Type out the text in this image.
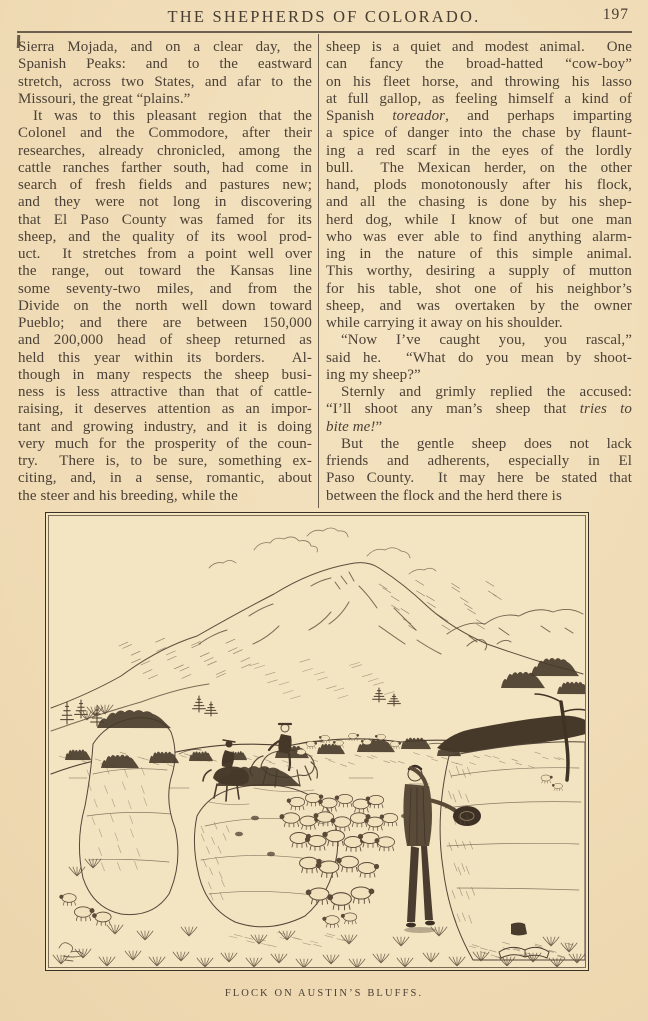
THE SHEPHERDS OF COLORADO.	197
Sierra Mojada, and on a clear day, the
Spanish Peaks: and to the eastward
stretch, across two States, and afar to the
Missouri, the great “plains.”
It was to this pleasant region that the
Colonel and the Commodore, after their
researches, already chronicled, among the
cattle ranches farther south, had come in
search of fresh fields and pastures new;
and they were not long in discovering
that El Paso County was famed for its
sheep, and the quality of its wool prod-
uct.  It stretches from a point well over
the range, out toward the Kansas line
some seventy-two miles, and from the
Divide on the north well down toward
Pueblo; and there are between 150,000
and 200,000 head of sheep returned as
held this year within its borders.  Al-
though in many respects the sheep busi-
ness is less attractive than that of cattle-
raising, it deserves attention as an impor-
tant and growing industry, and it is doing
very much for the prosperity of the coun-
try.  There is, to be sure, something ex-
citing, and, in a sense, romantic, about
the steer and his breeding, while the
sheep is a quiet and modest animal.  One
can fancy the broad-hatted “cow-boy”
on his fleet horse, and throwing his lasso
at full gallop, as feeling himself a kind of
Spanish toreador, and perhaps imparting
a spice of danger into the chase by flaunt-
ing a red scarf in the eyes of the lordly
bull.  The Mexican herder, on the other
hand, plods monotonously after his flock,
and all the chasing is done by his shep-
herd dog, while I know of but one man
who was ever able to find anything alarm-
ing in the nature of this simple animal.
This worthy, desiring a supply of mutton
for his table, shot one of his neighbor’s
sheep, and was overtaken by the owner
while carrying it away on his shoulder.
“Now I’ve caught you, you rascal,”
said he.  “What do you mean by shoot-
ing my sheep?”
Sternly and grimly replied the accused:
“I’ll shoot any man’s sheep that tries to
bite me!”
But the gentle sheep does not lack
friends and adherents, especially in El
Paso County.  It may here be stated that
between the flock and the herd there is
FLOCK ON AUSTIN’S BLUFFS.
